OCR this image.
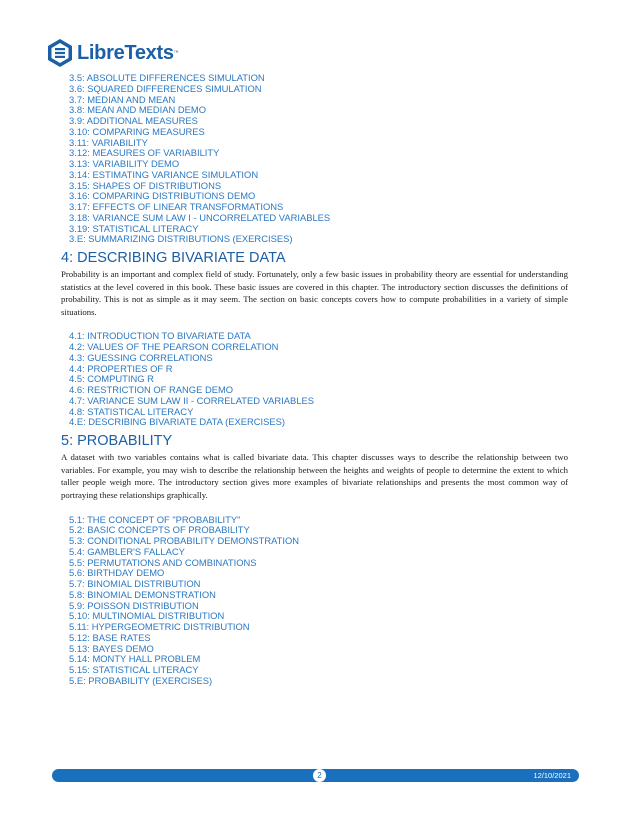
LibreTexts ™
3.5: ABSOLUTE DIFFERENCES SIMULATION
3.6: SQUARED DIFFERENCES SIMULATION
3.7: MEDIAN AND MEAN
3.8: MEAN AND MEDIAN DEMO
3.9: ADDITIONAL MEASURES
3.10: COMPARING MEASURES
3.11: VARIABILITY
3.12: MEASURES OF VARIABILITY
3.13: VARIABILITY DEMO
3.14: ESTIMATING VARIANCE SIMULATION
3.15: SHAPES OF DISTRIBUTIONS
3.16: COMPARING DISTRIBUTIONS DEMO
3.17: EFFECTS OF LINEAR TRANSFORMATIONS
3.18: VARIANCE SUM LAW I - UNCORRELATED VARIABLES
3.19: STATISTICAL LITERACY
3.E: SUMMARIZING DISTRIBUTIONS (EXERCISES)
4: DESCRIBING BIVARIATE DATA

Probability is an important and complex field of study. Fortunately, only a few basic issues in probability theory are essential for understanding statistics at the level covered in this book. These basic issues are covered in this chapter. The introductory section discusses the definitions of probability. This is not as simple as it may seem. The section on basic concepts covers how to compute probabilities in a variety of simple situations.

4.1: INTRODUCTION TO BIVARIATE DATA
4.2: VALUES OF THE PEARSON CORRELATION
4.3: GUESSING CORRELATIONS
4.4: PROPERTIES OF R
4.5: COMPUTING R
4.6: RESTRICTION OF RANGE DEMO
4.7: VARIANCE SUM LAW II - CORRELATED VARIABLES
4.8: STATISTICAL LITERACY
4.E: DESCRIBING BIVARIATE DATA (EXERCISES)
5: PROBABILITY

A dataset with two variables contains what is called bivariate data. This chapter discusses ways to describe the relationship between two variables. For example, you may wish to describe the relationship between the heights and weights of people to determine the extent to which taller people weigh more. The introductory section gives more examples of bivariate relationships and presents the most common way of portraying these relationships graphically.

5.1: THE CONCEPT OF "PROBABILITY"
5.2: BASIC CONCEPTS OF PROBABILITY
5.3: CONDITIONAL PROBABILITY DEMONSTRATION
5.4: GAMBLER'S FALLACY
5.5: PERMUTATIONS AND COMBINATIONS
5.6: BIRTHDAY DEMO
5.7: BINOMIAL DISTRIBUTION
5.8: BINOMIAL DEMONSTRATION
5.9: POISSON DISTRIBUTION
5.10: MULTINOMIAL DISTRIBUTION
5.11: HYPERGEOMETRIC DISTRIBUTION
5.12: BASE RATES
5.13: BAYES DEMO
5.14: MONTY HALL PROBLEM
5.15: STATISTICAL LITERACY
5.E: PROBABILITY (EXERCISES)
2	12/10/2021
